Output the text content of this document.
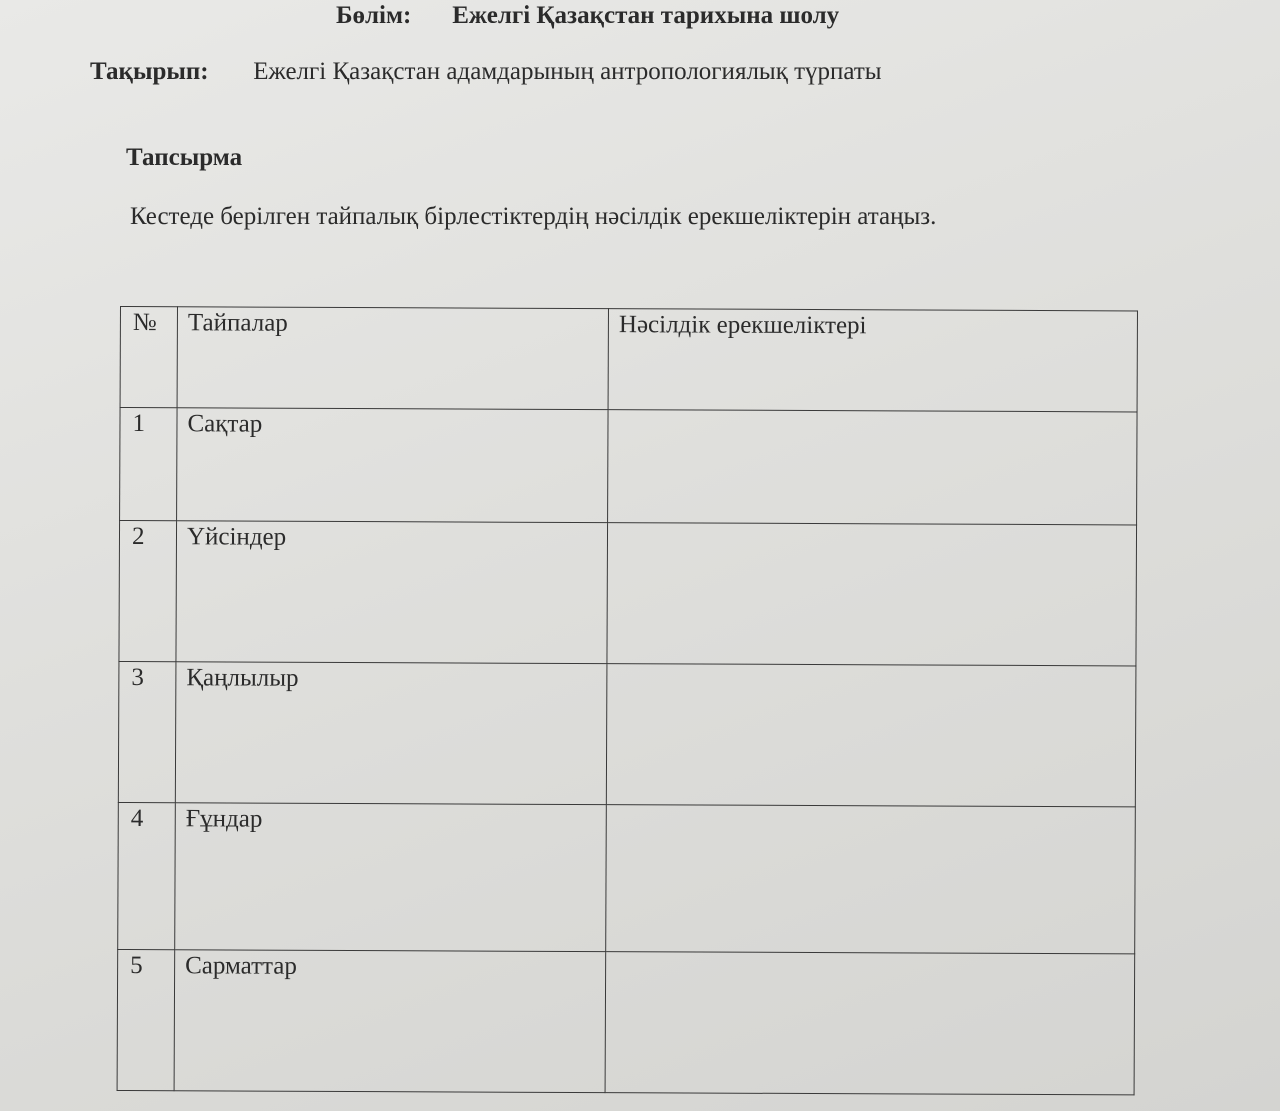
Бөлім: Ежелгі Қазақстан тарихына шолу
Тақырып: Ежелгі Қазақстан адамдарының антропологиялық түрпаты
Тапсырма
Кестеде берілген тайпалық бірлестіктердің нәсілдік ерекшеліктерін атаңыз.
№	Тайпалар	Нәсілдік ерекшеліктері
1	Сақтар	
2	Үйсіндер	
3	Қаңлылыр	
4	Ғұндар	
5	Сарматтар	
